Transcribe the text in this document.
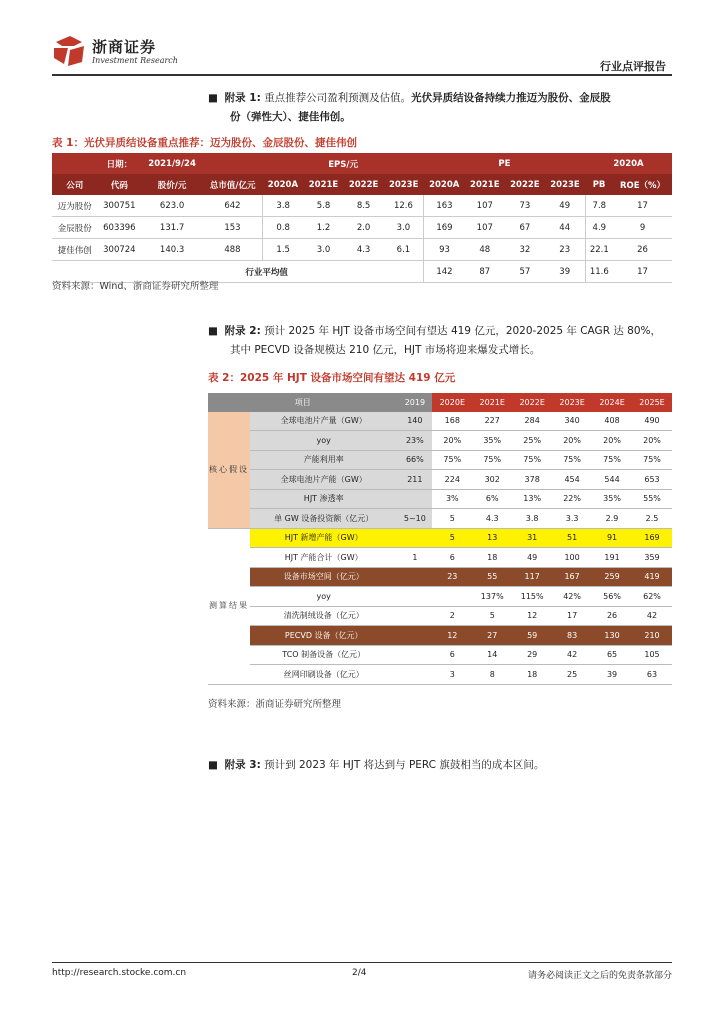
浙商证券
Investment Research	行业点评报告
■ 附录 1: 重点推荐公司盈利预测及估值。光伏异质结设备持续力推迈为股份、金辰股
份（弹性大）、捷佳伟创。
表 1：光伏异质结设备重点推荐：迈为股份、金辰股份、捷佳伟创
	日期：	2021/9/24		EPS/元				PE				2020A	
公司	代码	股价/元	总市值/亿元	2020A	2021E	2022E	2023E	2020A	2021E	2022E	2023E	PB	ROE（%）
迈为股份	300751	623.0	642	3.8	5.8	8.5	12.6	163	107	73	49	7.8	17
金辰股份	603396	131.7	153	0.8	1.2	2.0	3.0	169	107	67	44	4.9	9
捷佳伟创	300724	140.3	488	1.5	3.0	4.3	6.1	93	48	32	23	22.1	26
行业平均值								142	87	57	39	11.6	17
资料来源：Wind、浙商证券研究所整理
■ 附录 2: 预计 2025 年 HJT 设备市场空间有望达 419 亿元，2020-2025 年 CAGR 达 80%，
其中 PECVD 设备规模达 210 亿元，HJT 市场将迎来爆发式增长。
表 2：2025 年 HJT 设备市场空间有望达 419 亿元
项目		2019	2020E	2021E	2022E	2023E	2024E	2025E
核心假设	全球电池片产量（GW）	140	168	227	284	340	408	490
	yoy	23%	20%	35%	25%	20%	20%	20%
	产能利用率	66%	75%	75%	75%	75%	75%	75%
	全球电池片产能（GW）	211	224	302	378	454	544	653
	HJT 渗透率		3%	6%	13%	22%	35%	55%
	单 GW 设备投资额（亿元）	5~10	5	4.3	3.8	3.3	2.9	2.5
测算结果	HJT 新增产能（GW）		5	13	31	51	91	169
	HJT 产能合计（GW）	1	6	18	49	100	191	359
	设备市场空间（亿元）		23	55	117	167	259	419
	yoy			137%	115%	42%	56%	62%
	清洗制绒设备（亿元）		2	5	12	17	26	42
	PECVD 设备（亿元）		12	27	59	83	130	210
	TCO 制备设备（亿元）		6	14	29	42	65	105
	丝网印刷设备（亿元）		3	8	18	25	39	63
资料来源：浙商证券研究所整理
■ 附录 3: 预计到 2023 年 HJT 将达到与 PERC 旗鼓相当的成本区间。
http://research.stocke.com.cn	2/4	请务必阅读正文之后的免责条款部分
